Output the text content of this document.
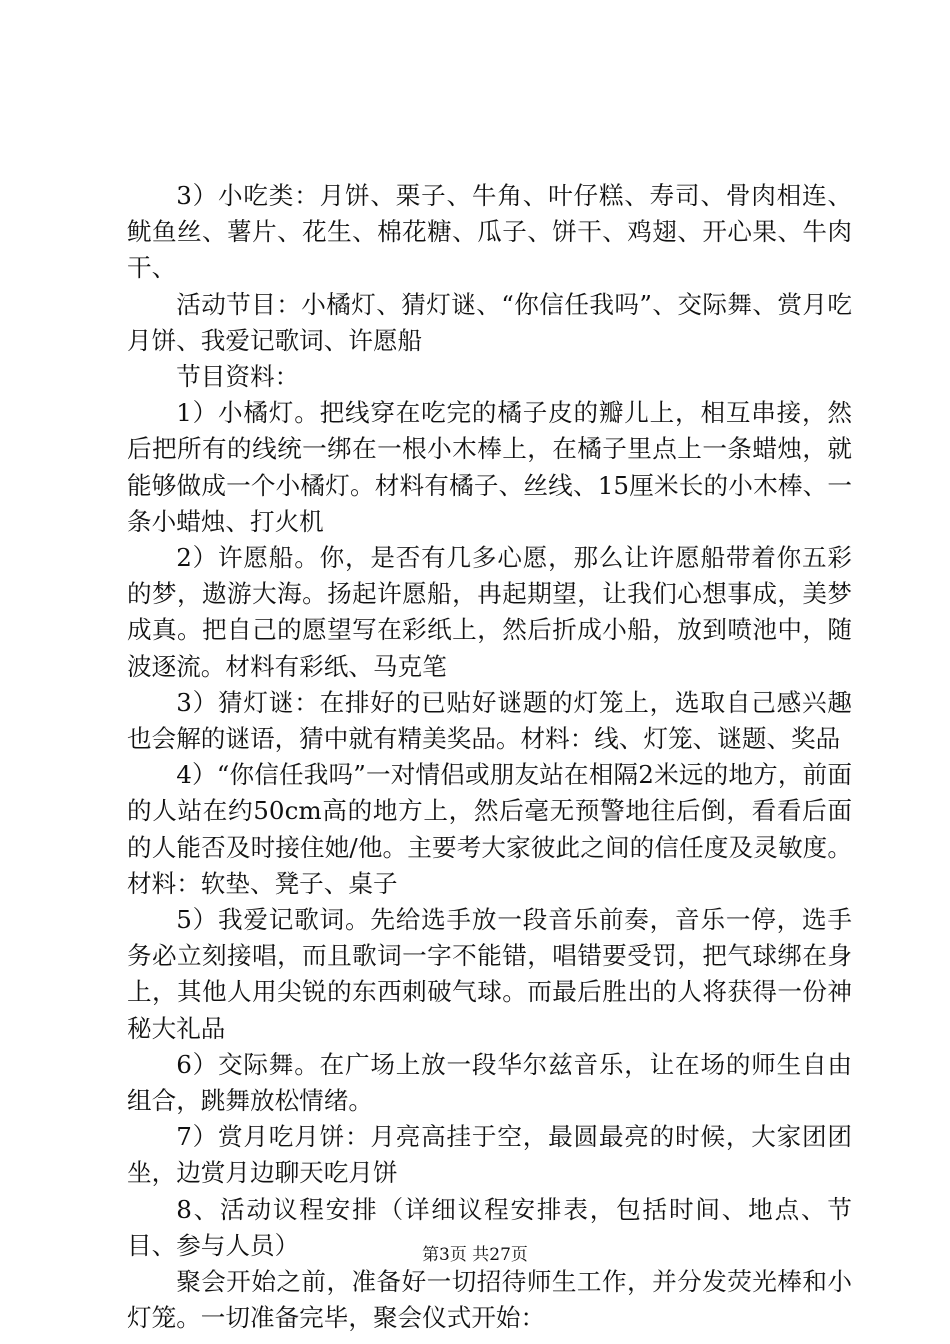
3）小吃类：月饼、栗子、牛角、叶仔糕、寿司、骨肉相连、鱿鱼丝、薯片、花生、棉花糖、瓜子、饼干、鸡翅、开心果、牛肉干、

活动节目：小橘灯、猜灯谜、“你信任我吗”、交际舞、赏月吃月饼、我爱记歌词、许愿船

节目资料：

1）小橘灯。把线穿在吃完的橘子皮的瓣儿上，相互串接，然后把所有的线统一绑在一根小木棒上，在橘子里点上一条蜡烛，就能够做成一个小橘灯。材料有橘子、丝线、15厘米长的小木棒、一条小蜡烛、打火机

2）许愿船。你，是否有几多心愿，那么让许愿船带着你五彩的梦，遨游大海。扬起许愿船，冉起期望，让我们心想事成，美梦成真。把自己的愿望写在彩纸上，然后折成小船，放到喷池中，随波逐流。材料有彩纸、马克笔

3）猜灯谜：在排好的已贴好谜题的灯笼上，选取自己感兴趣也会解的谜语，猜中就有精美奖品。材料：线、灯笼、谜题、奖品

4）“你信任我吗”一对情侣或朋友站在相隔2米远的地方，前面的人站在约50cm高的地方上，然后毫无预警地往后倒，看看后面的人能否及时接住她/他。主要考大家彼此之间的信任度及灵敏度。材料：软垫、凳子、桌子

5）我爱记歌词。先给选手放一段音乐前奏，音乐一停，选手务必立刻接唱，而且歌词一字不能错，唱错要受罚，把气球绑在身上，其他人用尖锐的东西刺破气球。而最后胜出的人将获得一份神秘大礼品

6）交际舞。在广场上放一段华尔兹音乐，让在场的师生自由组合，跳舞放松情绪。

7）赏月吃月饼：月亮高挂于空，最圆最亮的时候，大家团团坐，边赏月边聊天吃月饼

8、活动议程安排（详细议程安排表，包括时间、地点、节目、参与人员）

聚会开始之前，准备好一切招待师生工作，并分发荧光棒和小灯笼。一切准备完毕，聚会仪式开始：

第3页 共27页
